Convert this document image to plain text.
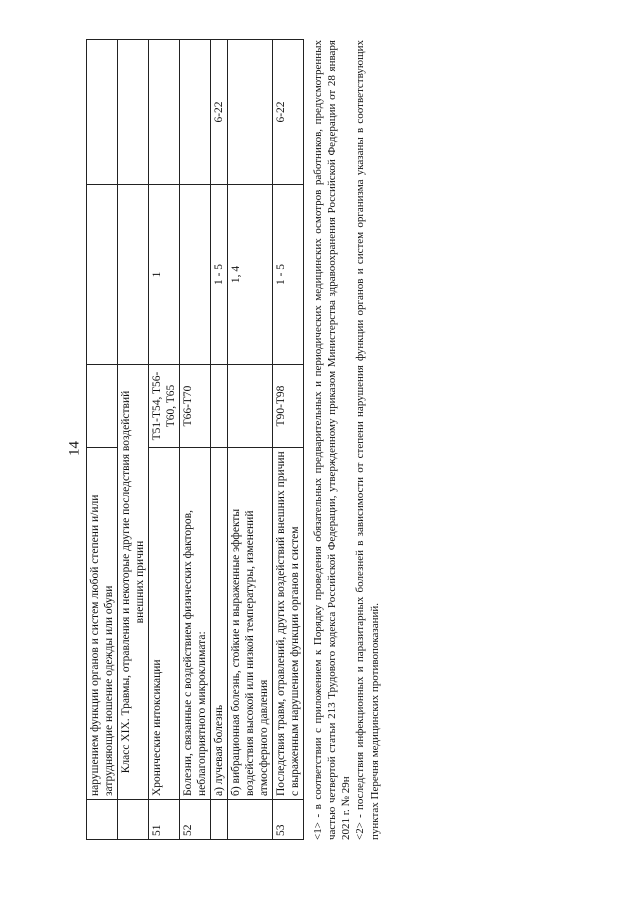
14
	нарушением функции органов и систем любой степени и/или затрудняющие ношение одежды или обуви			
	Класс XIX. Травмы, отравления и некоторые другие последствия воздействий внешних причин			
51	Хронические интоксикации	T51-T54, T56-T60, T65	1	
52	Болезни, связанные с воздействием физических факторов, неблагоприятного микроклимата:	T66-T70		
	а) лучевая болезнь		1 - 5	6-22
	б) вибрационная болезнь, стойкие и выраженные эффекты воздействия высокой или низкой температуры, изменений атмосферного давления		1, 4	
53	Последствия травм, отравлений, других воздействий внешних причин с выраженным нарушением функции органов и систем	T90-T98	1 - 5	6-22 <1> - в соответствии с приложением к Порядку проведения обязательных предварительных и периодических медицинских осмотров работников, предусмотренных частью четвертой статьи 213 Трудового кодекса Российской Федерации, утвержденному приказом Министерства здравоохранения Российской Федерации от 28 января 2021 г. № 29н <2> - последствия инфекционных и паразитарных болезней в зависимости от степени нарушения функции органов и систем организма указаны в соответствующих пунктах Перечня медицинских противопоказаний.
